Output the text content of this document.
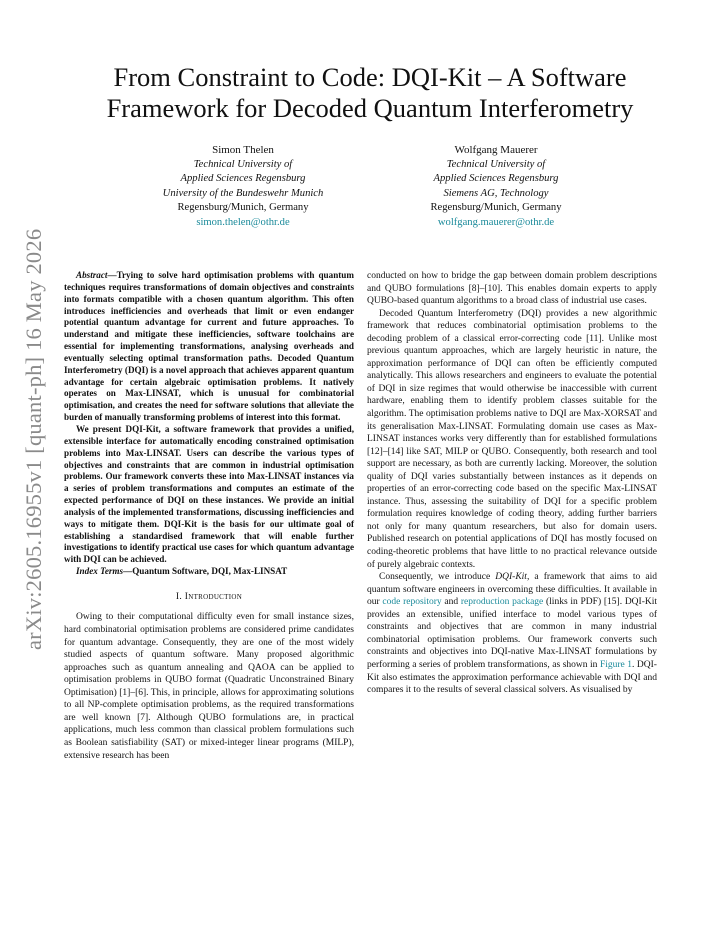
arXiv:2605.16955v1 [quant-ph] 16 May 2026
From Constraint to Code: DQI-Kit – A Software
Framework for Decoded Quantum Interferometry
Simon Thelen
Technical University of
Applied Sciences Regensburg
University of the Bundeswehr Munich
Regensburg/Munich, Germany
simon.thelen@othr.de
Wolfgang Mauerer
Technical University of
Applied Sciences Regensburg
Siemens AG, Technology
Regensburg/Munich, Germany
wolfgang.mauerer@othr.de

Abstract—Trying to solve hard optimisation problems with quantum techniques requires transformations of domain objectives and constraints into formats compatible with a chosen quantum algorithm. This often introduces inefficiencies and overheads that limit or even endanger potential quantum advantage for current and future approaches. To understand and mitigate these inefficiencies, software toolchains are essential for implementing transformations, analysing overheads and eventually selecting optimal transformation paths. Decoded Quantum Interferometry (DQI) is a novel approach that achieves apparent quantum advantage for certain algebraic optimisation problems. It natively operates on Max-LINSAT, which is unusual for combinatorial optimisation, and creates the need for software solutions that alleviate the burden of manually transforming problems of interest into this format.

We present DQI-Kit, a software framework that provides a unified, extensible interface for automatically encoding constrained optimisation problems into Max-LINSAT. Users can describe the various types of objectives and constraints that are common in industrial optimisation problems. Our framework converts these into Max-LINSAT instances via a series of problem transformations and computes an estimate of the expected performance of DQI on these instances. We provide an initial analysis of the implemented transformations, discussing inefficiencies and ways to mitigate them. DQI-Kit is the basis for our ultimate goal of establishing a standardised framework that will enable further investigations to identify practical use cases for which quantum advantage with DQI can be achieved.

Index Terms—Quantum Software, DQI, Max-LINSAT

I. Introduction

Owing to their computational difficulty even for small instance sizes, hard combinatorial optimisation problems are considered prime candidates for quantum advantage. Consequently, they are one of the most widely studied aspects of quantum software. Many proposed algorithmic approaches such as quantum annealing and QAOA can be applied to optimisation problems in QUBO format (Quadratic Unconstrained Binary Optimisation) [1]–[6]. This, in principle, allows for approximating solutions to all NP-complete optimisation problems, as the required transformations are well known [7]. Although QUBO formulations are, in practical applications, much less common than classical problem formulations such as Boolean satisfiability (SAT) or mixed-integer linear programs (MILP), extensive research has been

conducted on how to bridge the gap between domain problem descriptions and QUBO formulations [8]–[10]. This enables domain experts to apply QUBO-based quantum algorithms to a broad class of industrial use cases.

Decoded Quantum Interferometry (DQI) provides a new algorithmic framework that reduces combinatorial optimisation problems to the decoding problem of a classical error-correcting code [11]. Unlike most previous quantum approaches, which are largely heuristic in nature, the approximation performance of DQI can often be efficiently computed analytically. This allows researchers and engineers to evaluate the potential of DQI in size regimes that would otherwise be inaccessible with current hardware, enabling them to identify problem classes suitable for the algorithm. The optimisation problems native to DQI are Max-XORSAT and its generalisation Max-LINSAT. Formulating domain use cases as Max-LINSAT instances works very differently than for established formulations [12]–[14] like SAT, MILP or QUBO. Consequently, both research and tool support are necessary, as both are currently lacking. Moreover, the solution quality of DQI varies substantially between instances as it depends on properties of an error-correcting code based on the specific Max-LINSAT instance. Thus, assessing the suitability of DQI for a specific problem formulation requires knowledge of coding theory, adding further barriers not only for many quantum researchers, but also for domain users. Published research on potential applications of DQI has mostly focused on coding-theoretic problems that have little to no practical relevance outside of purely algebraic contexts.

Consequently, we introduce DQI-Kit, a framework that aims to aid quantum software engineers in overcoming these difficulties. It available in our code repository and reproduction package (links in PDF) [15]. DQI-Kit provides an extensible, unified interface to model various types of constraints and objectives that are common in many industrial combinatorial optimisation problems. Our framework converts such constraints and objectives into DQI-native Max-LINSAT formulations by performing a series of problem transformations, as shown in Figure 1. DQI-Kit also estimates the approximation performance achievable with DQI and compares it to the results of several classical solvers. As visualised by
